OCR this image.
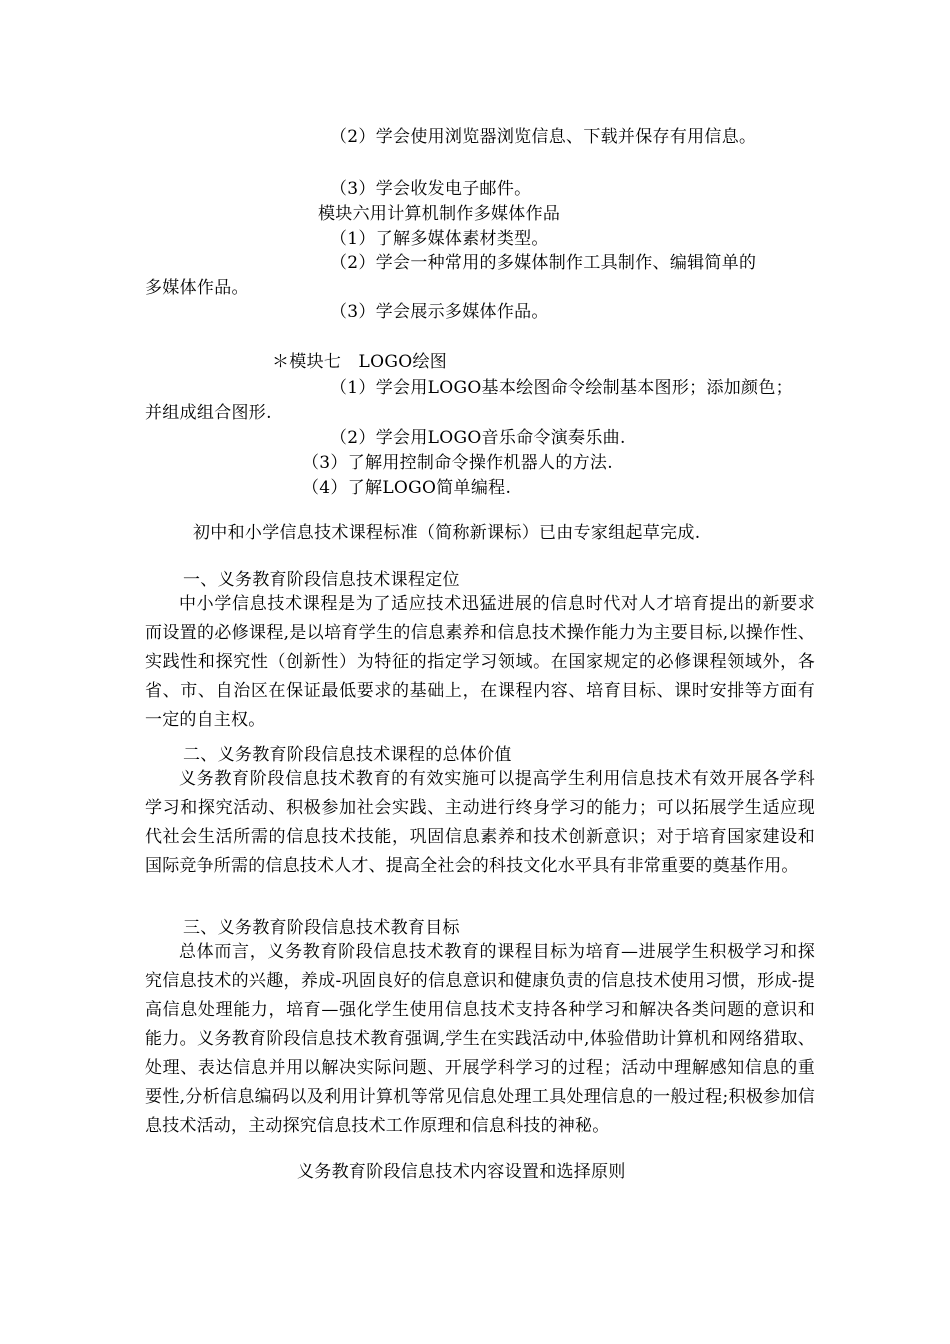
（2）学会使用浏览器浏览信息、下载并保存有用信息。
（3）学会收发电子邮件。
模块六用计算机制作多媒体作品
（1）了解多媒体素材类型。
（2）学会一种常用的多媒体制作工具制作、编辑简单的
多媒体作品。
（3）学会展示多媒体作品。
＊模块七　LOGO绘图
（1）学会用LOGO基本绘图命令绘制基本图形；添加颜色；
并组成组合图形.
（2）学会用LOGO音乐命令演奏乐曲.
（3）了解用控制命令操作机器人的方法.
（4）了解LOGO简单编程.
初中和小学信息技术课程标准（简称新课标）已由专家组起草完成.
一、义务教育阶段信息技术课程定位
中小学信息技术课程是为了适应技术迅猛进展的信息时代对人才培育提出的新要求而设置的必修课程,是以培育学生的信息素养和信息技术操作能力为主要目标,以操作性、实践性和探究性（创新性）为特征的指定学习领域。在国家规定的必修课程领域外，各省、市、自治区在保证最低要求的基础上，在课程内容、培育目标、课时安排等方面有一定的自主权。
二、义务教育阶段信息技术课程的总体价值
义务教育阶段信息技术教育的有效实施可以提高学生利用信息技术有效开展各学科学习和探究活动、积极参加社会实践、主动进行终身学习的能力；可以拓展学生适应现代社会生活所需的信息技术技能，巩固信息素养和技术创新意识；对于培育国家建设和国际竞争所需的信息技术人才、提高全社会的科技文化水平具有非常重要的奠基作用。
三、义务教育阶段信息技术教育目标
总体而言，义务教育阶段信息技术教育的课程目标为培育—进展学生积极学习和探究信息技术的兴趣，养成-巩固良好的信息意识和健康负责的信息技术使用习惯，形成-提高信息处理能力，培育—强化学生使用信息技术支持各种学习和解决各类问题的意识和能力。义务教育阶段信息技术教育强调,学生在实践活动中,体验借助计算机和网络猎取、处理、表达信息并用以解决实际问题、开展学科学习的过程；活动中理解感知信息的重要性,分析信息编码以及利用计算机等常见信息处理工具处理信息的一般过程;积极参加信息技术活动，主动探究信息技术工作原理和信息科技的神秘。
义务教育阶段信息技术内容设置和选择原则
